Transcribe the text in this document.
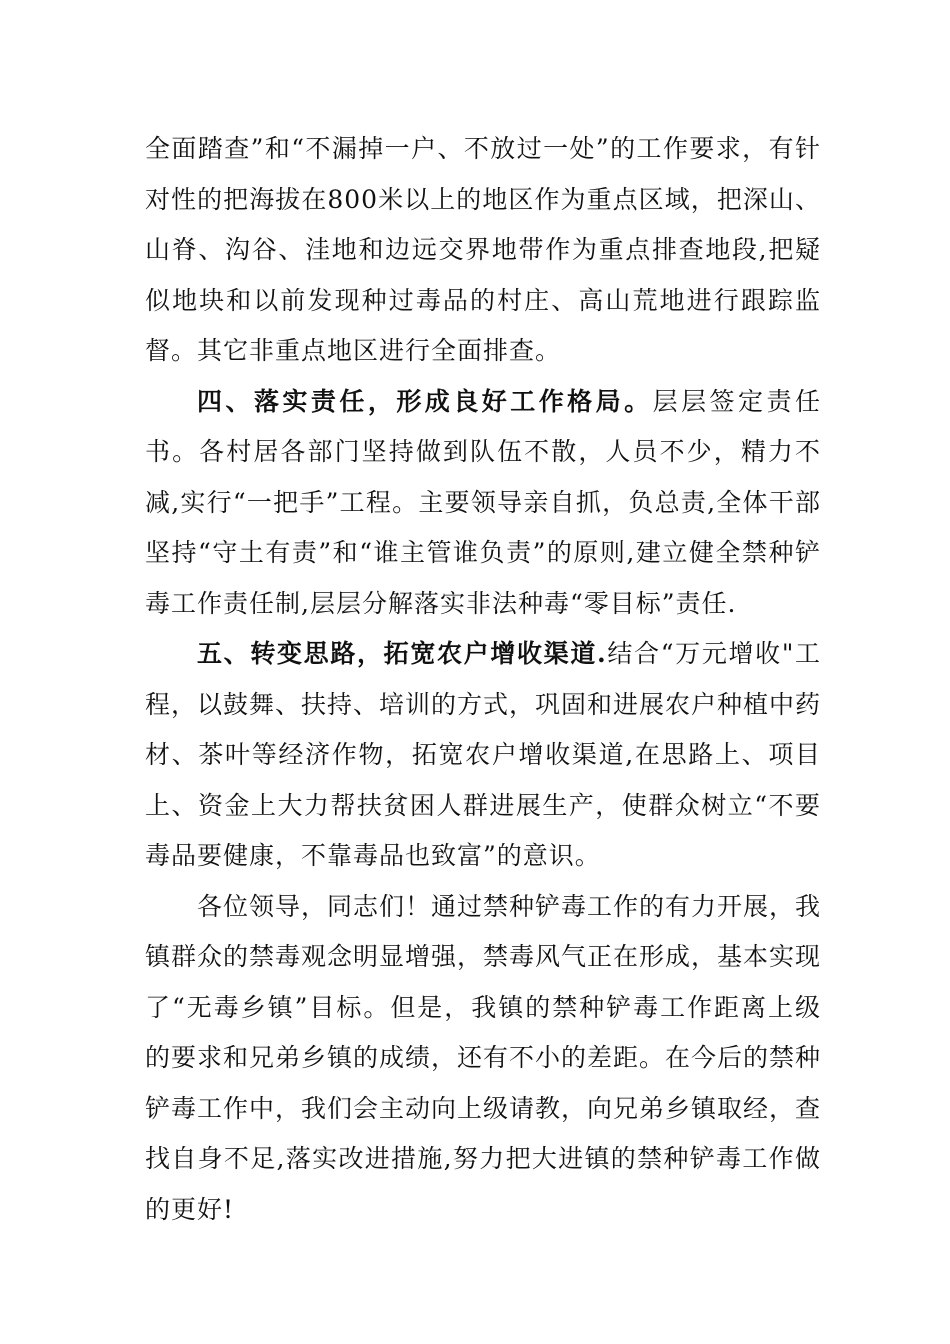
全面踏查”和“不漏掉一户、不放过一处”的工作要求，有针对性的把海拔在800米以上的地区作为重点区域，把深山、山脊、沟谷、洼地和边远交界地带作为重点排查地段,把疑似地块和以前发现种过毒品的村庄、高山荒地进行跟踪监督。其它非重点地区进行全面排查。

四、落实责任，形成良好工作格局。层层签定责任书。各村居各部门坚持做到队伍不散，人员不少，精力不减,实行“一把手”工程。主要领导亲自抓，负总责,全体干部坚持“守土有责”和“谁主管谁负责”的原则,建立健全禁种铲毒工作责任制,层层分解落实非法种毒“零目标”责任.

五、转变思路，拓宽农户增收渠道.结合“万元增收"工程，以鼓舞、扶持、培训的方式，巩固和进展农户种植中药材、茶叶等经济作物，拓宽农户增收渠道,在思路上、项目上、资金上大力帮扶贫困人群进展生产，使群众树立“不要毒品要健康，不靠毒品也致富”的意识。

各位领导，同志们！通过禁种铲毒工作的有力开展，我镇群众的禁毒观念明显增强，禁毒风气正在形成，基本实现了“无毒乡镇”目标。但是，我镇的禁种铲毒工作距离上级的要求和兄弟乡镇的成绩，还有不小的差距。在今后的禁种铲毒工作中，我们会主动向上级请教，向兄弟乡镇取经，查找自身不足,落实改进措施,努力把大进镇的禁种铲毒工作做的更好!
